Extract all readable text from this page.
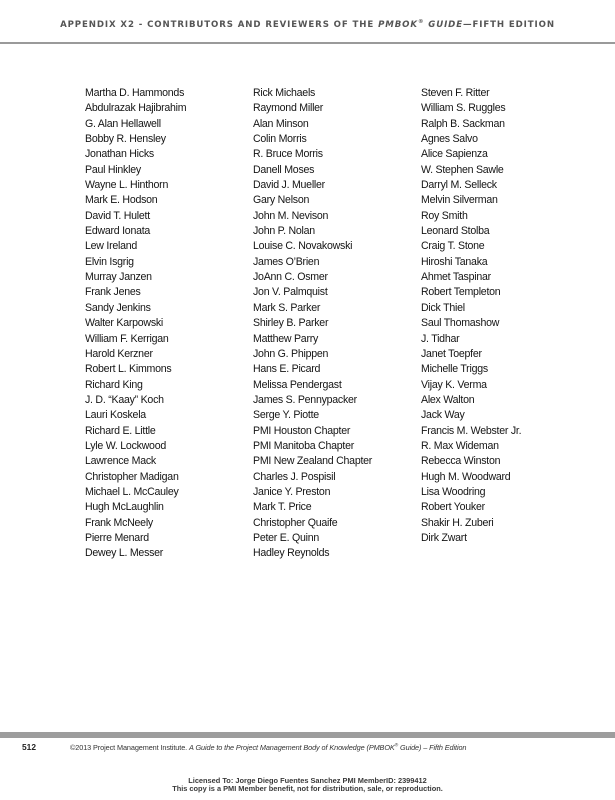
APPENDIX X2 - CONTRIBUTORS AND REVIEWERS OF THE PMBOK® GUIDE—FIFTH EDITION
Martha D. Hammonds
Abdulrazak Hajibrahim
G. Alan Hellawell
Bobby R. Hensley
Jonathan Hicks
Paul Hinkley
Wayne L. Hinthorn
Mark E. Hodson
David T. Hulett
Edward Ionata
Lew Ireland
Elvin Isgrig
Murray Janzen
Frank Jenes
Sandy Jenkins
Walter Karpowski
William F. Kerrigan
Harold Kerzner
Robert L. Kimmons
Richard King
J. D. “Kaay” Koch
Lauri Koskela
Richard E. Little
Lyle W. Lockwood
Lawrence Mack
Christopher Madigan
Michael L. McCauley
Hugh McLaughlin
Frank McNeely
Pierre Menard
Dewey L. Messer
Rick Michaels
Raymond Miller
Alan Minson
Colin Morris
R. Bruce Morris
Danell Moses
David J. Mueller
Gary Nelson
John M. Nevison
John P. Nolan
Louise C. Novakowski
James O’Brien
JoAnn C. Osmer
Jon V. Palmquist
Mark S. Parker
Shirley B. Parker
Matthew Parry
John G. Phippen
Hans E. Picard
Melissa Pendergast
James S. Pennypacker
Serge Y. Piotte
PMI Houston Chapter
PMI Manitoba Chapter
PMI New Zealand Chapter
Charles J. Pospisil
Janice Y. Preston
Mark T. Price
Christopher Quaife
Peter E. Quinn
Hadley Reynolds
Steven F. Ritter
William S. Ruggles
Ralph B. Sackman
Agnes Salvo
Alice Sapienza
W. Stephen Sawle
Darryl M. Selleck
Melvin Silverman
Roy Smith
Leonard Stolba
Craig T. Stone
Hiroshi Tanaka
Ahmet Taspinar
Robert Templeton
Dick Thiel
Saul Thomashow
J. Tidhar
Janet Toepfer
Michelle Triggs
Vijay K. Verma
Alex Walton
Jack Way
Francis M. Webster Jr.
R. Max Wideman
Rebecca Winston
Hugh M. Woodward
Lisa Woodring
Robert Youker
Shakir H. Zuberi
Dirk Zwart
512	©2013 Project Management Institute. A Guide to the Project Management Body of Knowledge (PMBOK® Guide) – Fifth Edition
Licensed To: Jorge Diego Fuentes Sanchez PMI MemberID: 2399412
This copy is a PMI Member benefit, not for distribution, sale, or reproduction.
